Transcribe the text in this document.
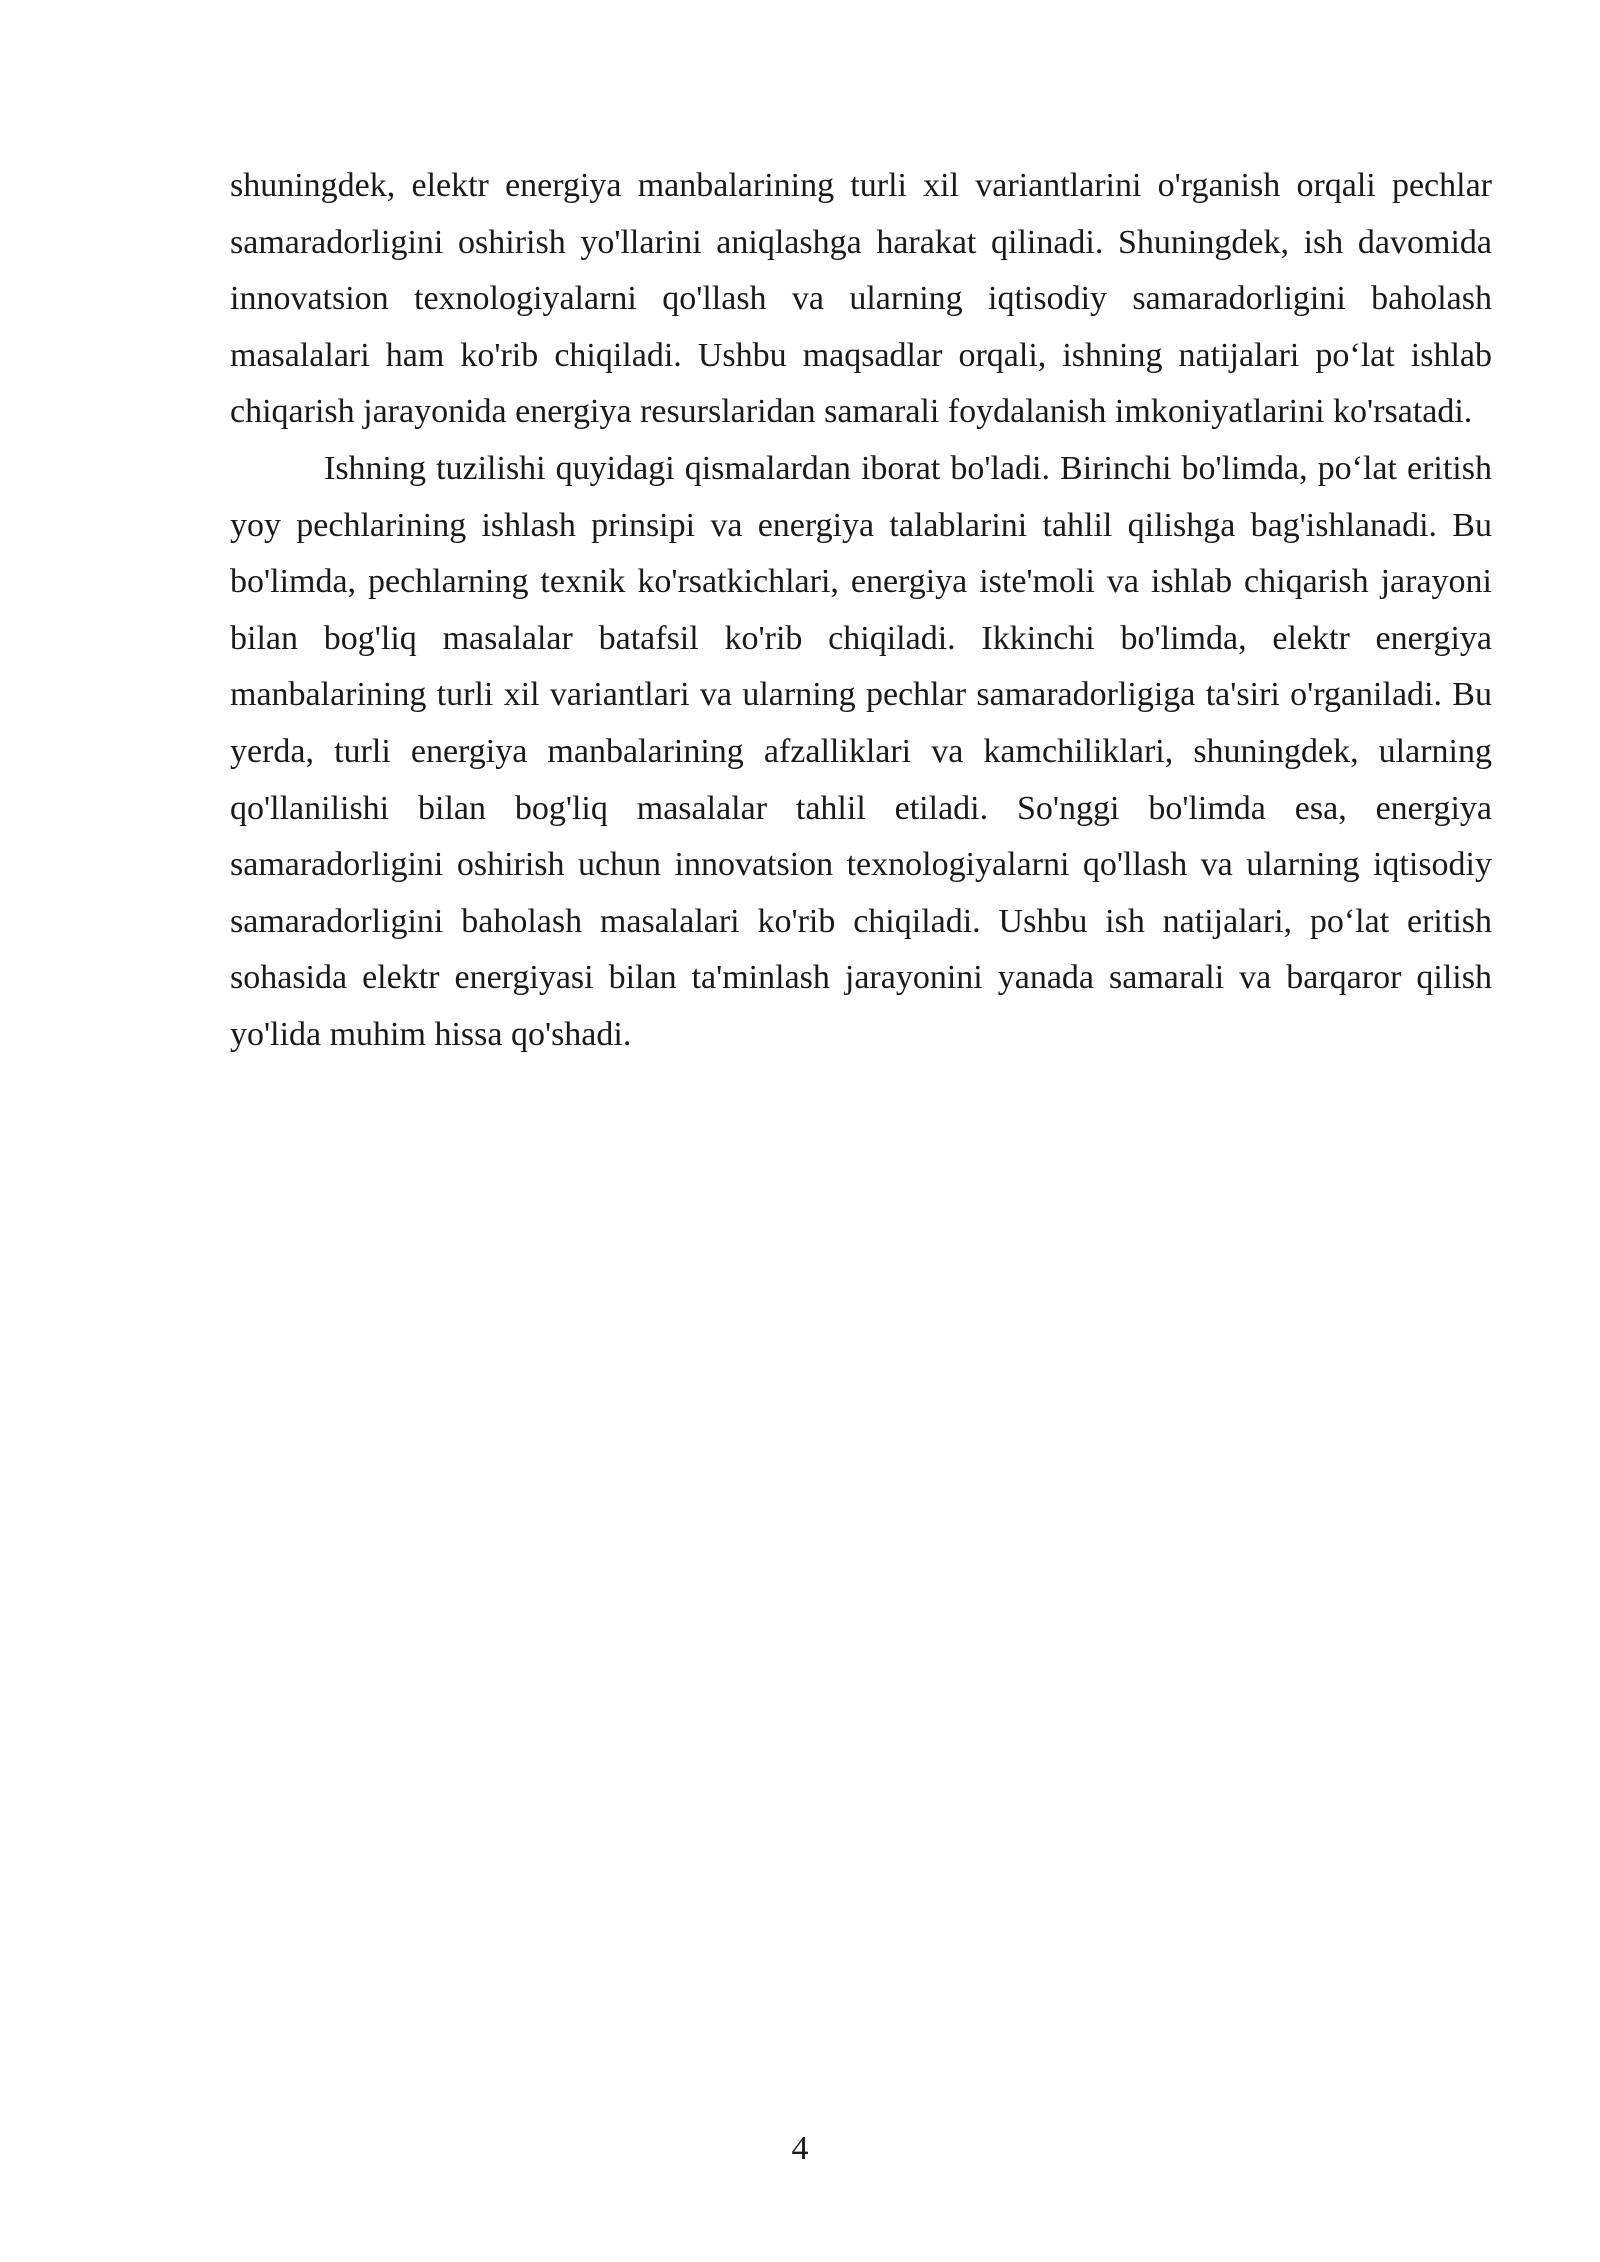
shuningdek, elektr energiya manbalarining turli xil variantlarini o'rganish orqali pechlar samaradorligini oshirish yo'llarini aniqlashga harakat qilinadi. Shuningdek, ish davomida innovatsion texnologiyalarni qo'llash va ularning iqtisodiy samaradorligini baholash masalalari ham ko'rib chiqiladi. Ushbu maqsadlar orqali, ishning natijalari po‘lat ishlab chiqarish jarayonida energiya resurslaridan samarali foydalanish imkoniyatlarini ko'rsatadi.

Ishning tuzilishi quyidagi qismalardan iborat bo'ladi. Birinchi bo'limda, po‘lat eritish yoy pechlarining ishlash prinsipi va energiya talablarini tahlil qilishga bag'ishlanadi. Bu bo'limda, pechlarning texnik ko'rsatkichlari, energiya iste'moli va ishlab chiqarish jarayoni bilan bog'liq masalalar batafsil ko'rib chiqiladi. Ikkinchi bo'limda, elektr energiya manbalarining turli xil variantlari va ularning pechlar samaradorligiga ta'siri o'rganiladi. Bu yerda, turli energiya manbalarining afzalliklari va kamchiliklari, shuningdek, ularning qo'llanilishi bilan bog'liq masalalar tahlil etiladi. So'nggi bo'limda esa, energiya samaradorligini oshirish uchun innovatsion texnologiyalarni qo'llash va ularning iqtisodiy samaradorligini baholash masalalari ko'rib chiqiladi. Ushbu ish natijalari, po‘lat eritish sohasida elektr energiyasi bilan ta'minlash jarayonini yanada samarali va barqaror qilish yo'lida muhim hissa qo'shadi.

4
